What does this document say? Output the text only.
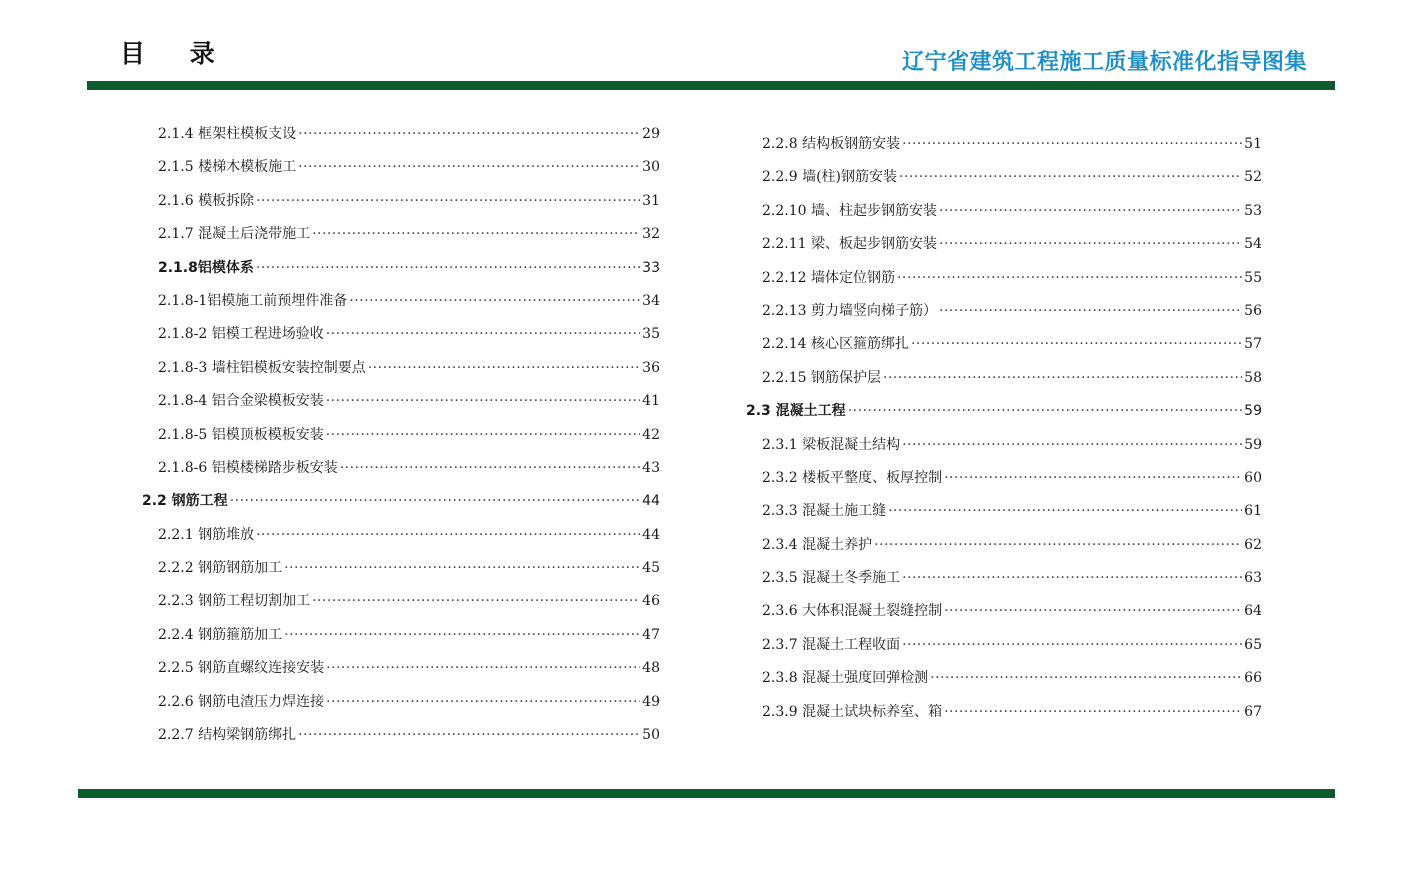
目 录	辽宁省建筑工程施工质量标准化指导图集
2.1.4 框架柱模板支设 ·····	29
2.1.5 楼梯木模板施工 ·····	30
2.1.6 模板拆除 ·····	31
2.1.7 混凝土后浇带施工 ·····	32
2.1.8铝模体系 ·····	33
2.1.8-1铝模施工前预埋件准备 ·····	34
2.1.8-2 铝模工程进场验收 ·····	35
2.1.8-3 墙柱铝模板安装控制要点 ·····	36
2.1.8-4 铝合金梁模板安装 ·····	41
2.1.8-5 铝模顶板模板安装 ·····	42
2.1.8-6 铝模楼梯踏步板安装 ·····	43
2.2 钢筋工程 ·····	44
2.2.1 钢筋堆放 ·····	44
2.2.2 钢筋钢筋加工 ·····	45
2.2.3 钢筋工程切割加工 ·····	46
2.2.4 钢筋箍筋加工 ·····	47
2.2.5 钢筋直螺纹连接安装 ·····	48
2.2.6 钢筋电渣压力焊连接 ·····	49
2.2.7 结构梁钢筋绑扎 ·····	50
2.2.8 结构板钢筋安装 ·····	51
2.2.9 墙(柱)钢筋安装 ·····	52
2.2.10 墙、柱起步钢筋安装 ·····	53
2.2.11 梁、板起步钢筋安装 ·····	54
2.2.12 墙体定位钢筋 ·····	55
2.2.13 剪力墙竖向梯子筋） ·····	56
2.2.14 核心区箍筋绑扎 ·····	57
2.2.15 钢筋保护层 ·····	58
2.3 混凝土工程 ·····	59
2.3.1 梁板混凝土结构 ·····	59
2.3.2 楼板平整度、板厚控制 ·····	60
2.3.3 混凝土施工缝 ·····	61
2.3.4 混凝土养护 ·····	62
2.3.5 混凝土冬季施工 ·····	63
2.3.6 大体积混凝土裂缝控制 ·····	64
2.3.7 混凝土工程收面 ·····	65
2.3.8 混凝土强度回弹检测 ·····	66
2.3.9 混凝土试块标养室、箱 ·····	67
